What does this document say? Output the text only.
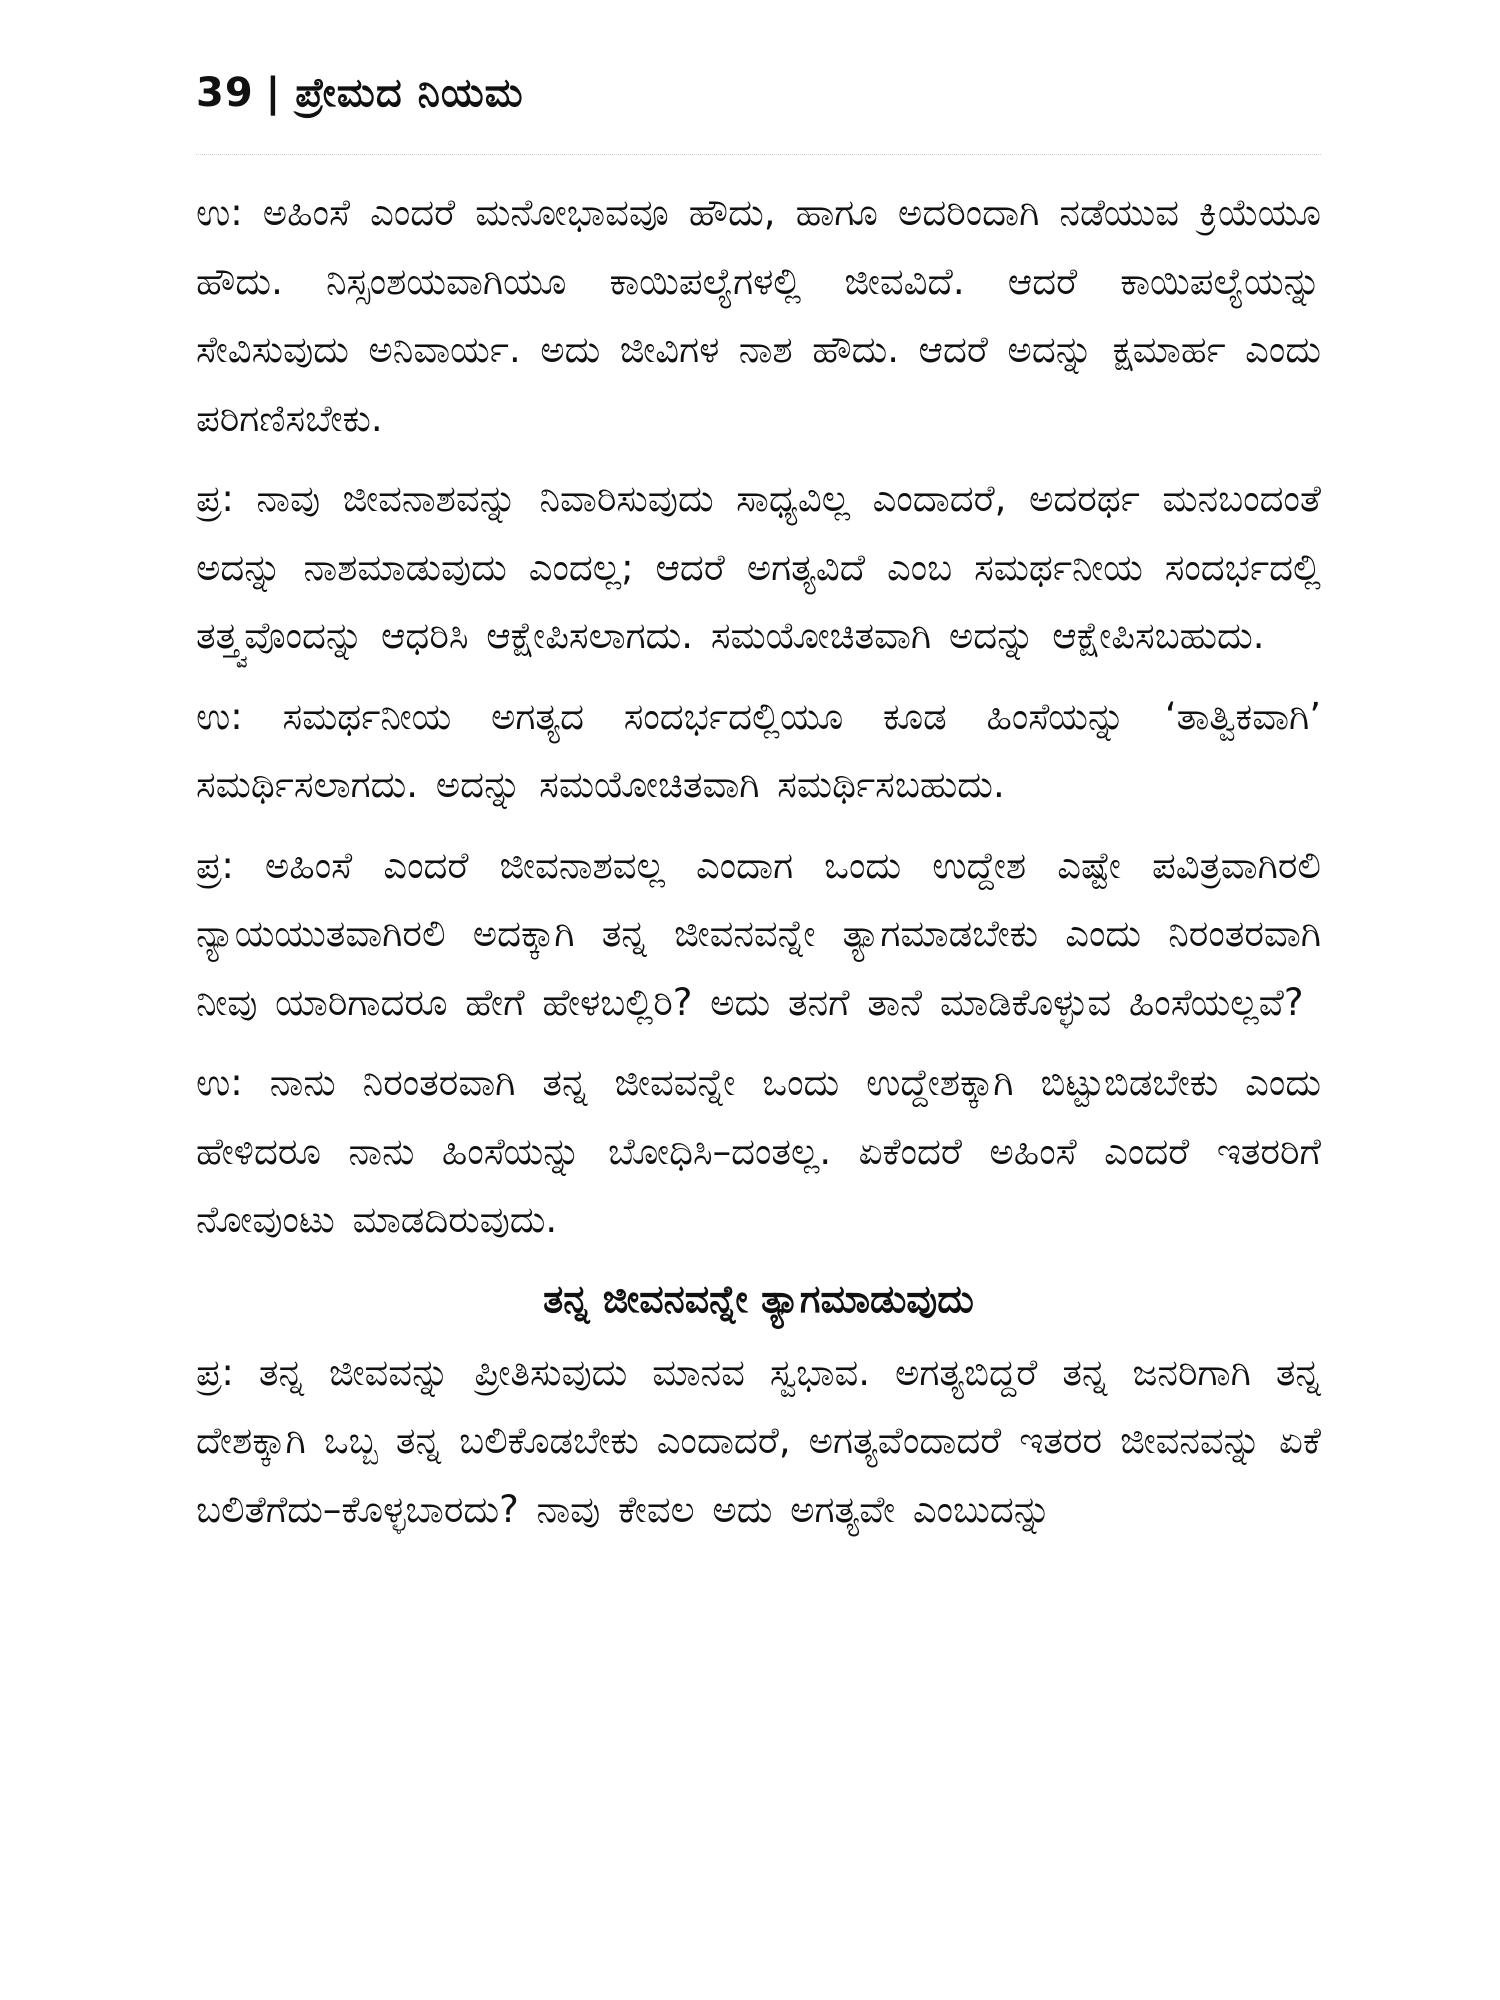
39 | ಪ್ರೇಮದ ನಿಯಮ

ಉ: ಅಹಿಂಸೆ ಎಂದರೆ ಮನೋಭಾವವೂ ಹೌದು, ಹಾಗೂ ಅದರಿಂದಾಗಿ ನಡೆಯುವ ಕ್ರಿಯೆಯೂ ಹೌದು. ನಿಸ್ಸಂಶಯವಾಗಿಯೂ ಕಾಯಿಪಲ್ಯೆಗಳಲ್ಲಿ ಜೀವವಿದೆ. ಆದರೆ ಕಾಯಿಪಲ್ಯೆಯನ್ನು ಸೇವಿಸುವುದು ಅನಿವಾರ್ಯ. ಅದು ಜೀವಿಗಳ ನಾಶ ಹೌದು. ಆದರೆ ಅದನ್ನು ಕ್ಷಮಾರ್ಹ ಎಂದು ಪರಿಗಣಿಸಬೇಕು.

ಪ್ರ: ನಾವು ಜೀವನಾಶವನ್ನು ನಿವಾರಿಸುವುದು ಸಾಧ್ಯವಿಲ್ಲ ಎಂದಾದರೆ, ಅದರರ್ಥ ಮನಬಂದಂತೆ ಅದನ್ನು ನಾಶಮಾಡುವುದು ಎಂದಲ್ಲ; ಆದರೆ ಅಗತ್ಯವಿದೆ ಎಂಬ ಸಮರ್ಥನೀಯ ಸಂದರ್ಭದಲ್ಲಿ ತತ್ತ್ವವೊಂದನ್ನು ಆಧರಿಸಿ ಆಕ್ಷೇಪಿಸಲಾಗದು. ಸಮಯೋಚಿತವಾಗಿ ಅದನ್ನು ಆಕ್ಷೇಪಿಸಬಹುದು.

ಉ: ಸಮರ್ಥನೀಯ ಅಗತ್ಯದ ಸಂದರ್ಭದಲ್ಲಿಯೂ ಕೂಡ ಹಿಂಸೆಯನ್ನು ‘ತಾತ್ವಿಕವಾಗಿ’ ಸಮರ್ಥಿಸಲಾಗದು. ಅದನ್ನು ಸಮಯೋಚಿತವಾಗಿ ಸಮರ್ಥಿಸಬಹುದು.

ಪ್ರ: ಅಹಿಂಸೆ ಎಂದರೆ ಜೀವನಾಶವಲ್ಲ ಎಂದಾಗ ಒಂದು ಉದ್ದೇಶ ಎಷ್ಟೇ ಪವಿತ್ರವಾಗಿರಲಿ ನ್ಯಾಯಯುತವಾಗಿರಲಿ ಅದಕ್ಕಾಗಿ ತನ್ನ ಜೀವನವನ್ನೇ ತ್ಯಾಗಮಾಡಬೇಕು ಎಂದು ನಿರಂತರವಾಗಿ ನೀವು ಯಾರಿಗಾದರೂ ಹೇಗೆ ಹೇಳಬಲ್ಲಿರಿ? ಅದು ತನಗೆ ತಾನೆ ಮಾಡಿಕೊಳ್ಳುವ ಹಿಂಸೆಯಲ್ಲವೆ?

ಉ: ನಾನು ನಿರಂತರವಾಗಿ ತನ್ನ ಜೀವವನ್ನೇ ಒಂದು ಉದ್ದೇಶಕ್ಕಾಗಿ ಬಿಟ್ಟುಬಿಡಬೇಕು ಎಂದು ಹೇಳಿದರೂ ನಾನು ಹಿಂಸೆಯನ್ನು ಬೋಧಿಸಿ–ದಂತಲ್ಲ. ಏಕೆಂದರೆ ಅಹಿಂಸೆ ಎಂದರೆ ಇತರರಿಗೆ ನೋವುಂಟು ಮಾಡದಿರುವುದು.

ತನ್ನ ಜೀವನವನ್ನೇ ತ್ಯಾಗಮಾಡುವುದು

ಪ್ರ: ತನ್ನ ಜೀವವನ್ನು ಪ್ರೀತಿಸುವುದು ಮಾನವ ಸ್ವಭಾವ. ಅಗತ್ಯಬಿದ್ದರೆ ತನ್ನ ಜನರಿಗಾಗಿ ತನ್ನ ದೇಶಕ್ಕಾಗಿ ಒಬ್ಬ ತನ್ನ ಬಲಿಕೊಡಬೇಕು ಎಂದಾದರೆ, ಅಗತ್ಯವೆಂದಾದರೆ ಇತರರ ಜೀವನವನ್ನು ಏಕೆ ಬಲಿತೆಗೆದು–ಕೊಳ್ಳಬಾರದು? ನಾವು ಕೇವಲ ಅದು ಅಗತ್ಯವೇ ಎಂಬುದನ್ನು
